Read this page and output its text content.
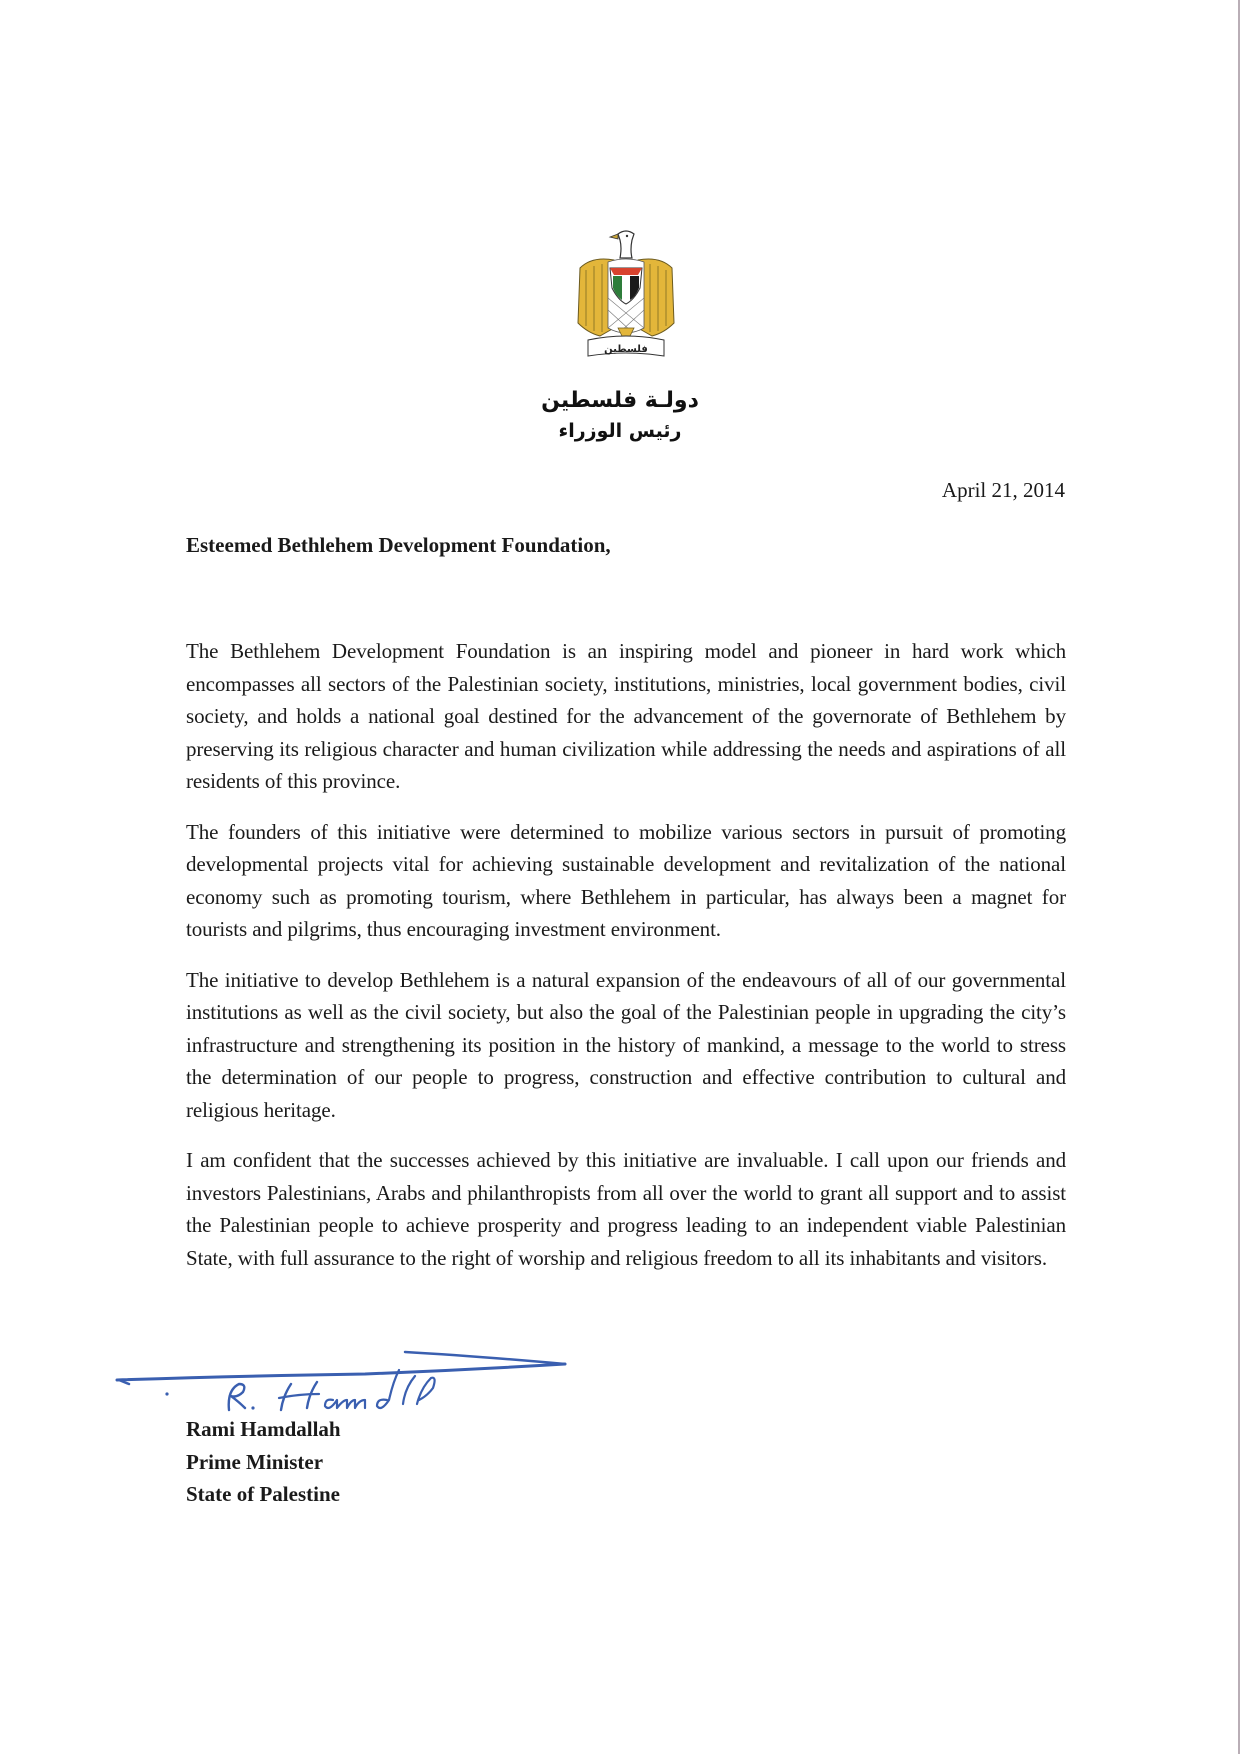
فلسطين
دولـة فلسطين
رئيس الوزراء
April 21, 2014
Esteemed Bethlehem Development Foundation,

The Bethlehem Development Foundation is an inspiring model and pioneer in hard work which encompasses all sectors of the Palestinian society, institutions, ministries, local government bodies, civil society, and holds a national goal destined for the advancement of the governorate of Bethlehem by preserving its religious character and human civilization while addressing the needs and aspirations of all residents of this province.

The founders of this initiative were determined to mobilize various sectors in pursuit of promoting developmental projects vital for achieving sustainable development and revitalization of the national economy such as promoting tourism, where Bethlehem in particular, has always been a magnet for tourists and pilgrims, thus encouraging investment environment.

The initiative to develop Bethlehem is a natural expansion of the endeavours of all of our governmental institutions as well as the civil society, but also the goal of the Palestinian people in upgrading the city’s infrastructure and strengthening its position in the history of mankind, a message to the world to stress the determination of our people to progress, construction and effective contribution to cultural and religious heritage.

I am confident that the successes achieved by this initiative are invaluable. I call upon our friends and investors Palestinians, Arabs and philanthropists from all over the world to grant all support and to assist the Palestinian people to achieve prosperity and progress leading to an independent viable Palestinian State, with full assurance to the right of worship and religious freedom to all its inhabitants and visitors.

Rami Hamdallah
Prime Minister
State of Palestine
